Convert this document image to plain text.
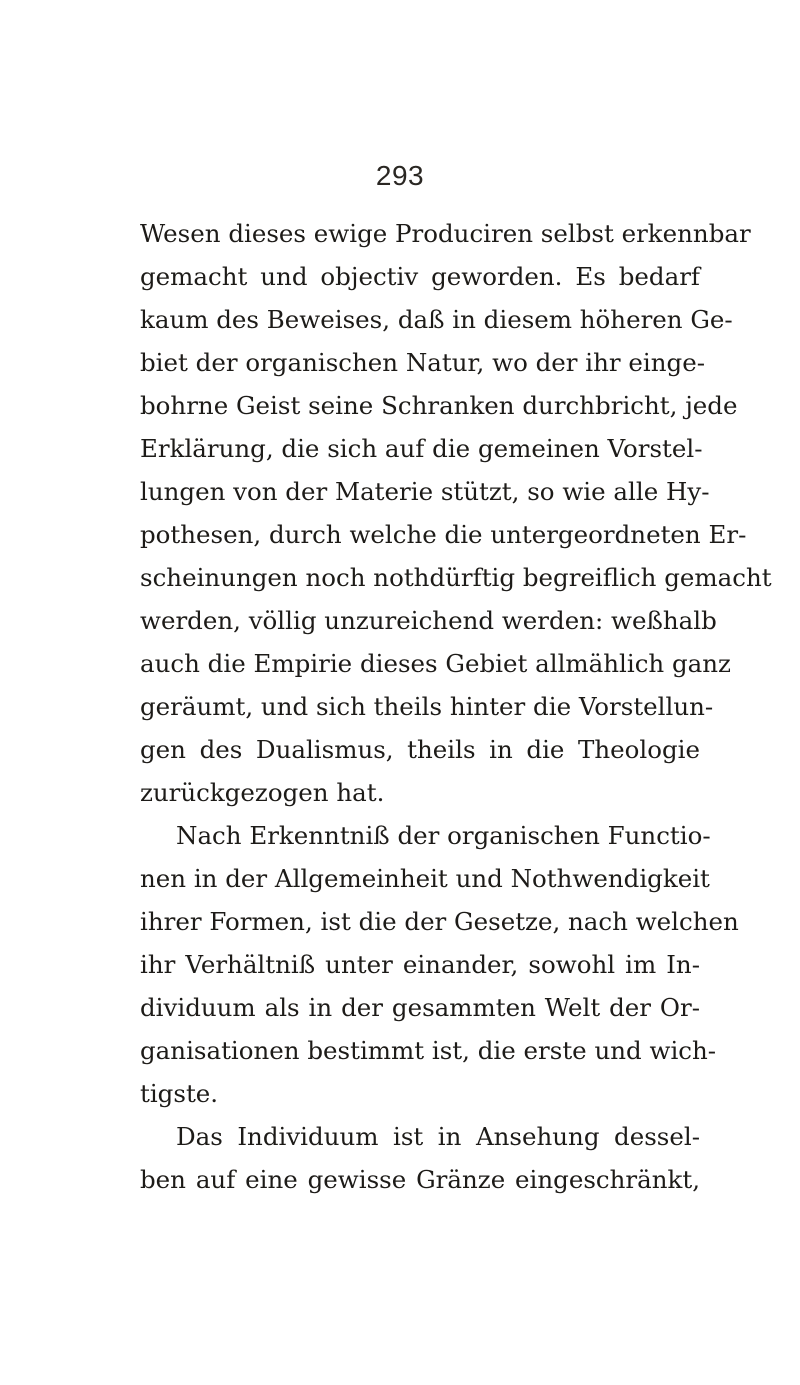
293
Wesen dieses ewige Produciren selbst erkennbar
gemacht und objectiv geworden. Es bedarf
kaum des Beweises, daß in diesem höheren Ge-
biet der organischen Natur, wo der ihr einge-
bohrne Geist seine Schranken durchbricht, jede
Erklärung, die sich auf die gemeinen Vorstel-
lungen von der Materie stützt, so wie alle Hy-
pothesen, durch welche die untergeordneten Er-
scheinungen noch nothdürftig begreiflich gemacht
werden, völlig unzureichend werden: weßhalb
auch die Empirie dieses Gebiet allmählich ganz
geräumt, und sich theils hinter die Vorstellun-
gen des Dualismus, theils in die Theologie
zurückgezogen hat.
Nach Erkenntniß der organischen Functio-
nen in der Allgemeinheit und Nothwendigkeit
ihrer Formen, ist die der Gesetze, nach welchen
ihr Verhältniß unter einander, sowohl im In-
dividuum als in der gesammten Welt der Or-
ganisationen bestimmt ist, die erste und wich-
tigste.
Das Individuum ist in Ansehung dessel-
ben auf eine gewisse Gränze eingeschränkt,
